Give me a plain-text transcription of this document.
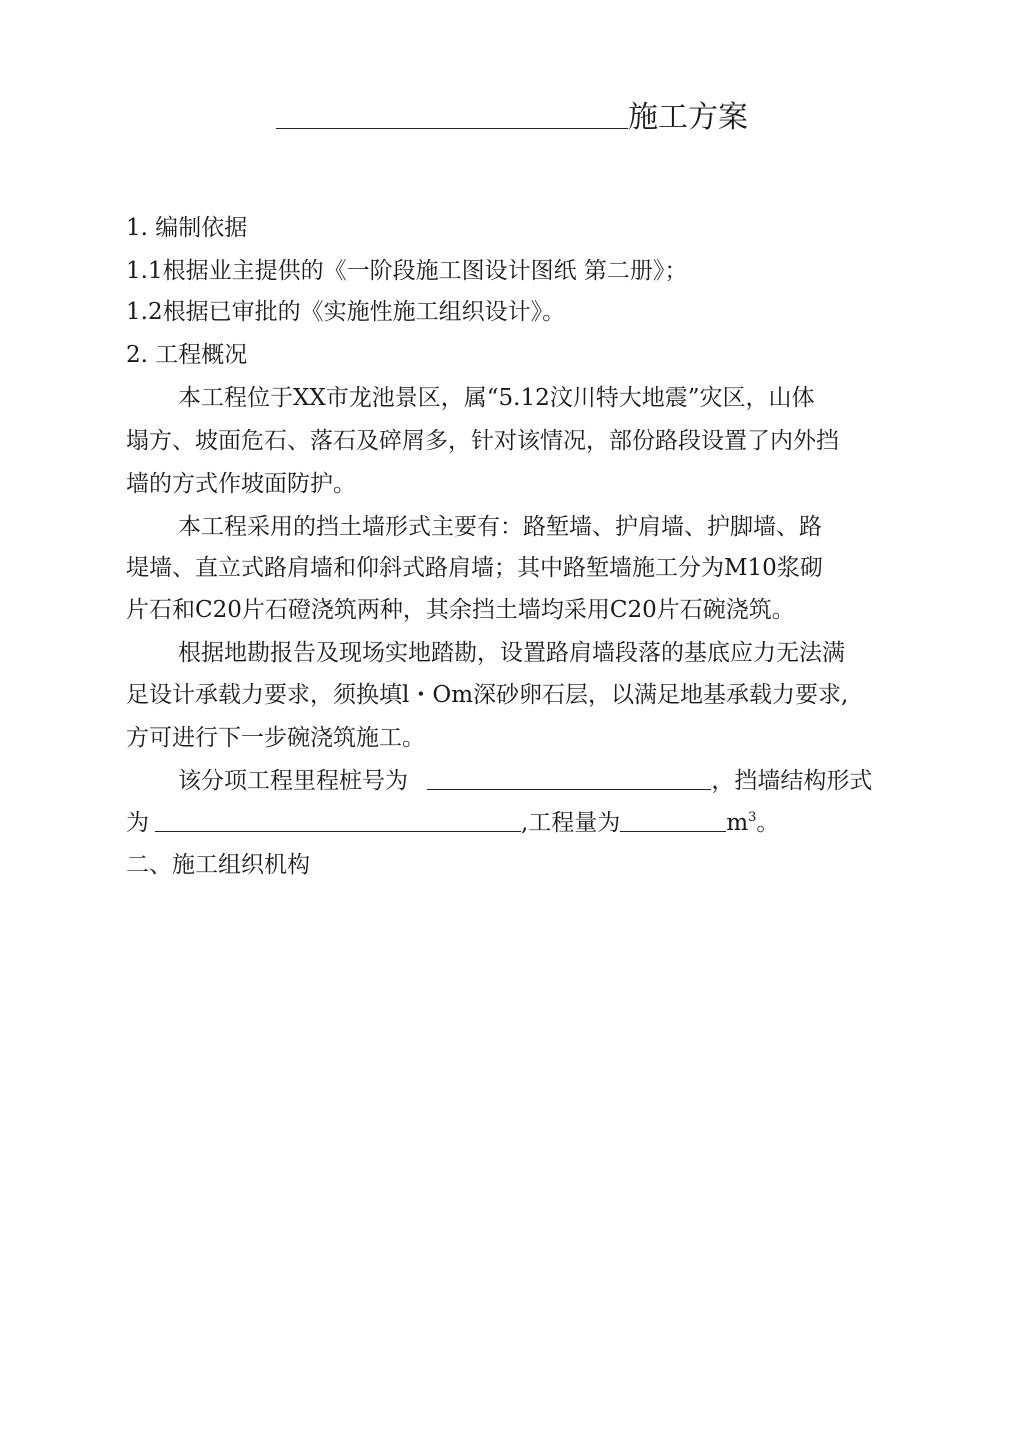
施工方案
1. 编制依据
1.1根据业主提供的《一阶段施工图设计图纸 第二册》；
1.2根据已审批的《实施性施工组织设计》。
2. 工程概况
本工程位于XX市龙池景区，属“5.12汶川特大地震”灾区，山体
塌方、坡面危石、落石及碎屑多，针对该情况，部份路段设置了内外挡
墙的方式作坡面防护。
本工程采用的挡土墙形式主要有：路堑墙、护肩墙、护脚墙、路
堤墙、直立式路肩墙和仰斜式路肩墙；其中路堑墙施工分为M10浆砌
片石和C20片石磴浇筑两种，其余挡土墙均采用C20片石碗浇筑。
根据地勘报告及现场实地踏勘，设置路肩墙段落的基底应力无法满
足设计承载力要求，须换填l・Om深砂卵石层，以满足地基承载力要求,
方可进行下一步碗浇筑施工。
该分项工程里程桩号为	，挡墙结构形式
为	,工程量为	$m^3$。
二、施工组织机构
